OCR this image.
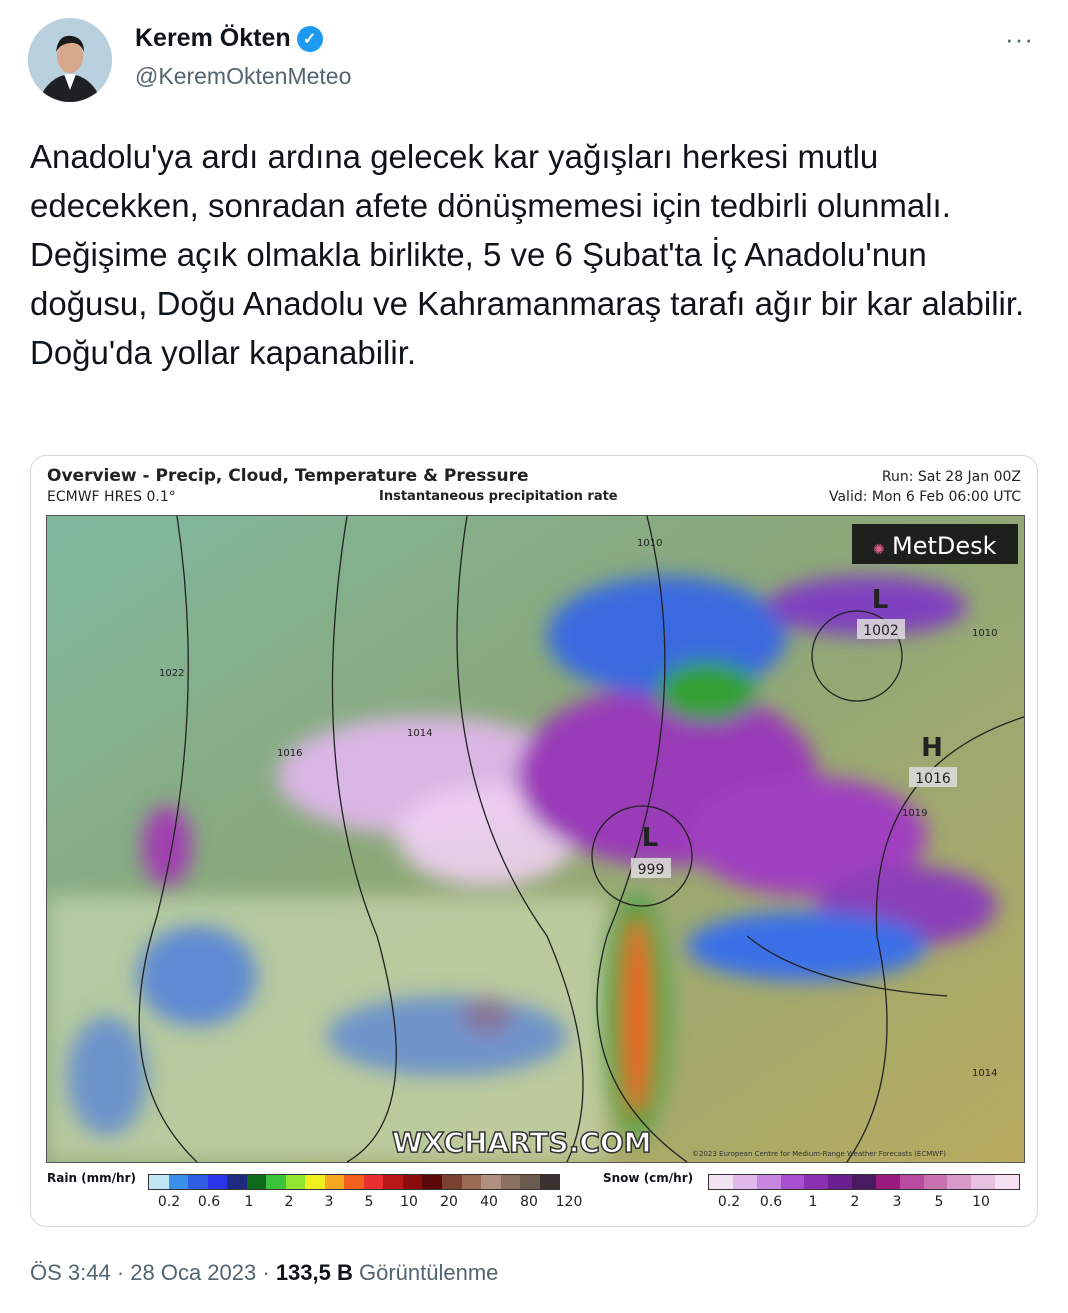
Kerem Ökten ✓
@KeremOktenMeteo
···
Anadolu'ya ardı ardına gelecek kar yağışları herkesi mutlu edecekken, sonradan afete dönüşmemesi için tedbirli olunmalı. Değişime açık olmakla birlikte, 5 ve 6 Şubat'ta İç Anadolu'nun doğusu, Doğu Anadolu ve Kahramanmaraş tarafı ağır bir kar alabilir. Doğu'da yollar kapanabilir.
Overview - Precip, Cloud, Temperature & Pressure
ECMWF HRES 0.1°	Instantaneous precipitation rate
Run: Sat 28 Jan 00Z
Valid: Mon 6 Feb 06:00 UTC
1022
1014
1016
1010
1010
1014
1019
L
1002
H
1016
L
999
✺ MetDesk
WXCHARTS.COM	©2023 European Centre for Medium-Range Weather Forecasts (ECMWF)
Rain (mm/hr)
0.2	0.6	1	2	3	5	10	20	40	80	120
Snow (cm/hr)
0.2	0.6	1	2	3	5	10
ÖS 3:44 · 28 Oca 2023 · 133,5 B Görüntülenme
